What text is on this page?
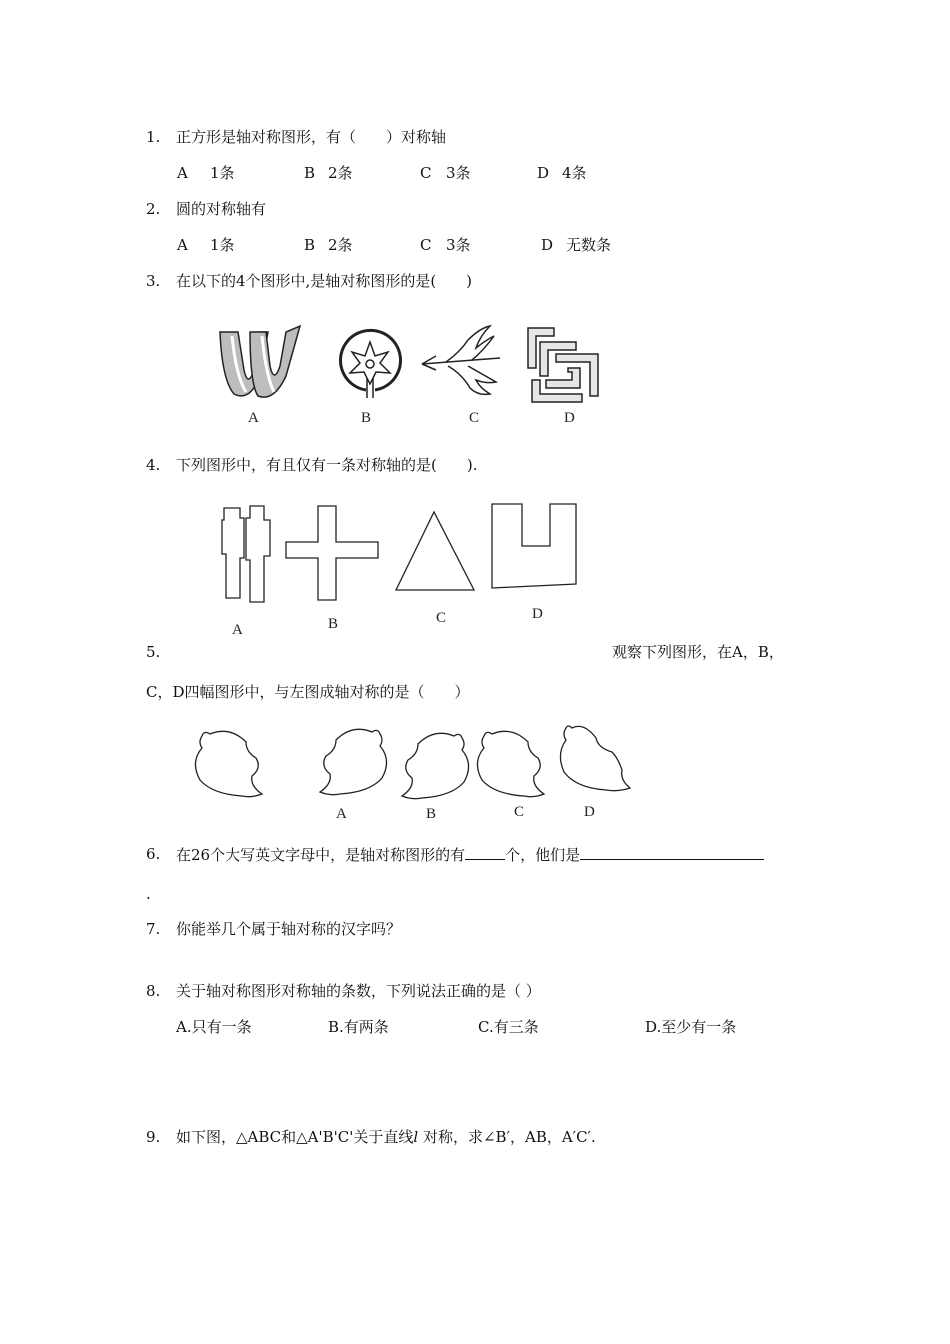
1. 正方形是轴对称图形，有（　　）对称轴
A 1条	B 2条	C 3条	D 4条
2. 圆的对称轴有
A 1条	B 2条	C 3条	D 无数条
3. 在以下的4个图形中,是轴对称图形的是(　　)
A	B	C	D
4. 下列图形中，有且仅有一条对称轴的是(　　).
A	B	C	D
5.	观察下列图形，在A，B，
C，D四幅图形中，与左图成轴对称的是（　　）
A	B	C	D
6. 在26个大写英文字母中，是轴对称图形的有	个，他们是
.
7. 你能举几个属于轴对称的汉字吗？
8. 关于轴对称图形对称轴的条数，下列说法正确的是（ ）
A.只有一条	B.有两条	C.有三条	D.至少有一条
9. 如下图，△ABC和△A'B'C'关于直线l 对称，求∠B′，AB，A′C′.
